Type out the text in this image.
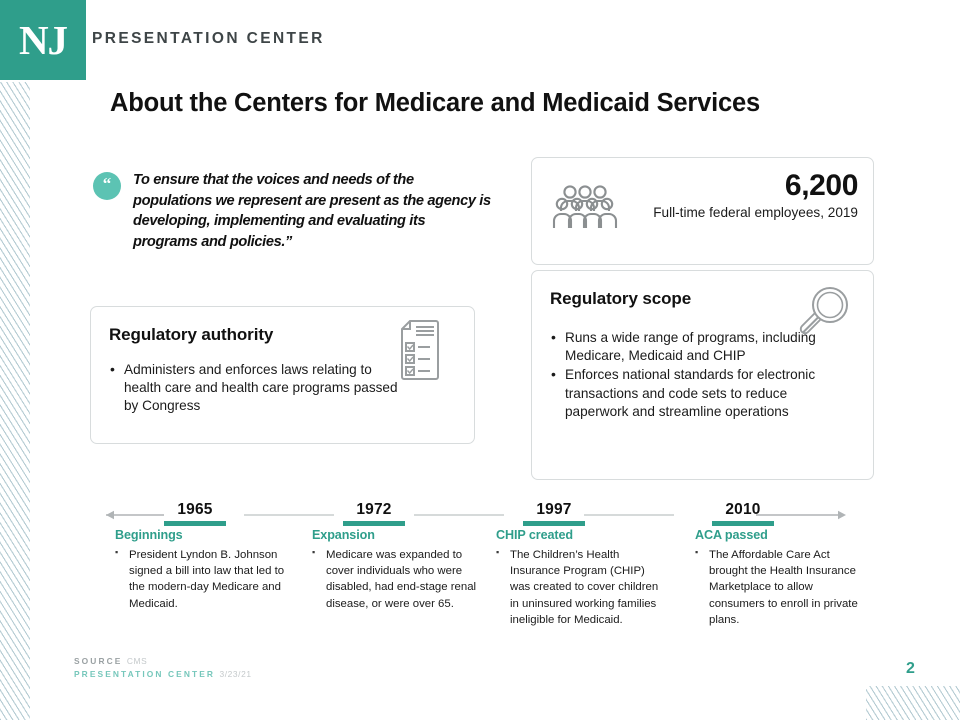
NJ PRESENTATION CENTER
About the Centers for Medicare and Medicaid Services
“ To ensure that the voices and needs of the populations we represent are present as the agency is developing, implementing and evaluating its programs and policies.”
6,200
Full-time federal employees, 2019
Regulatory authority
• Administers and enforces laws relating to health care and health care programs passed by Congress
Regulatory scope
• Runs a wide range of programs, including Medicare, Medicaid and CHIP
• Enforces national standards for electronic transactions and code sets to reduce paperwork and streamline operations
1965
Beginnings
▪ President Lyndon B. Johnson signed a bill into law that led to the modern-day Medicare and Medicaid.
1972
Expansion
▪ Medicare was expanded to cover individuals who were disabled, had end-stage renal disease, or were over 65.
1997
CHIP created
▪ The Children’s Health Insurance Program (CHIP) was created to cover children in uninsured working families ineligible for Medicaid.
2010
ACA passed
▪ The Affordable Care Act brought the Health Insurance Marketplace to allow consumers to enroll in private plans.
SOURCE CMS
PRESENTATION CENTER 3/23/21	2
